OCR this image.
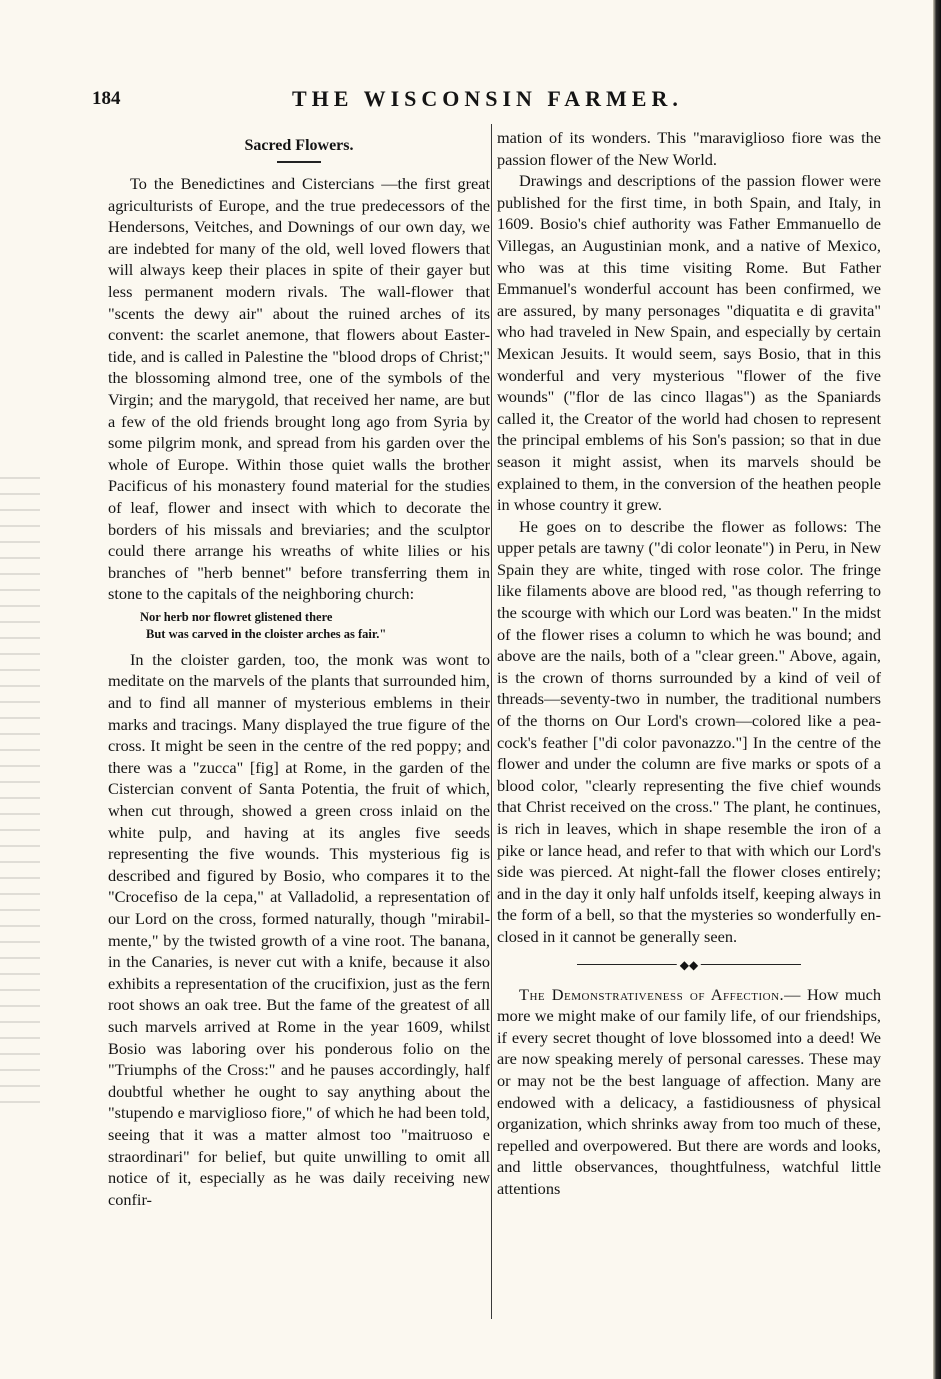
184	THE WISCONSIN FARMER.
Sacred Flowers.

To the Benedictines and Cistercians —the first great agriculturists of Europe, and the true predecessors of the Hendersons, Veitches, and Downings of our own day, we are indebted for many of the old, well loved flowers that will always keep their places in spite of their gayer but less permanent modern rivals. The wall-flower that "scents the dewy air" about the ruined arches of its convent: the scarlet anemone, that flowers about Easter-tide, and is called in Palestine the "blood drops of Christ;" the blossoming almond tree, one of the symbols of the Virgin; and the marygold, that received her name, are but a few of the old friends brought long ago from Syria by some pilgrim monk, and spread from his garden over the whole of Europe. Within those quiet walls the brother Pacificus of his monastery found material for the studies of leaf, flower and insect with which to decorate the borders of his missals and breviaries; and the sculptor could there arrange his wreaths of white lilies or his branches of "herb bennet" before transferring them in stone to the capitals of the neighboring church:

Nor herb nor flowret glistened there
But was carved in the cloister arches as fair."

In the cloister garden, too, the monk was wont to meditate on the marvels of the plants that surrounded him, and to find all manner of mysterious emblems in their marks and tracings. Many displayed the true figure of the cross. It might be seen in the centre of the red poppy; and there was a "zucca" [fig] at Rome, in the garden of the Cistercian convent of Santa Potentia, the fruit of which, when cut through, showed a green cross inlaid on the white pulp, and having at its angles five seeds representing the five wounds. This mysterious fig is described and figured by Bosio, who compares it to the "Crocefiso de la cepa," at Valladolid, a representation of our Lord on the cross, formed naturally, though "mirabilmente," by the twisted growth of a vine root. The banana, in the Canaries, is never cut with a knife, because it also exhibits a representation of the crucifixion, just as the fern root shows an oak tree. But the fame of the greatest of all such marvels arrived at Rome in the year 1609, whilst Bosio was laboring over his ponderous folio on the "Triumphs of the Cross:" and he pauses accordingly, half doubtful whether he ought to say anything about the "stupendo e marviglioso fiore," of which he had been told, seeing that it was a matter almost too "maitruoso e straordinari" for belief, but quite unwilling to omit all notice of it, especially as he was daily receiving new confir-

mation of its wonders. This "maraviglioso fiore was the passion flower of the New World.

Drawings and descriptions of the passion flower were published for the first time, in both Spain, and Italy, in 1609. Bosio's chief authority was Father Emmanuello de Villegas, an Augustinian monk, and a native of Mexico, who was at this time visiting Rome. But Father Emmanuel's wonderful account has been confirmed, we are assured, by many personages "diquatita e di gravita" who had traveled in New Spain, and especially by certain Mexican Jesuits. It would seem, says Bosio, that in this wonderful and very mysterious "flower of the five wounds" ("flor de las cinco llagas") as the Spaniards called it, the Creator of the world had chosen to represent the principal emblems of his Son's passion; so that in due season it might assist, when its marvels should be explained to them, in the conversion of the heathen people in whose country it grew.

He goes on to describe the flower as follows: The upper petals are tawny ("di color leonate") in Peru, in New Spain they are white, tinged with rose color. The fringe like filaments above are blood red, "as though referring to the scourge with which our Lord was beaten." In the midst of the flower rises a column to which he was bound; and above are the nails, both of a "clear green." Above, again, is the crown of thorns surrounded by a kind of veil of threads—seventy-two in number, the traditional numbers of the thorns on Our Lord's crown—colored like a peacock's feather ["di color pavonazzo."] In the centre of the flower and under the column are five marks or spots of a blood color, "clearly representing the five chief wounds that Christ received on the cross." The plant, he continues, is rich in leaves, which in shape resemble the iron of a pike or lance head, and refer to that with which our Lord's side was pierced. At night-fall the flower closes entirely; and in the day it only half unfolds itself, keeping always in the form of a bell, so that the mysteries so wonderfully enclosed in it cannot be generally seen.

◆◆

The Demonstrativeness of Affection.— How much more we might make of our family life, of our friendships, if every secret thought of love blossomed into a deed! We are now speaking merely of personal caresses. These may or may not be the best language of affection. Many are endowed with a delicacy, a fastidiousness of physical organization, which shrinks away from too much of these, repelled and overpowered. But there are words and looks, and little observances, thoughtfulness, watchful little attentions
